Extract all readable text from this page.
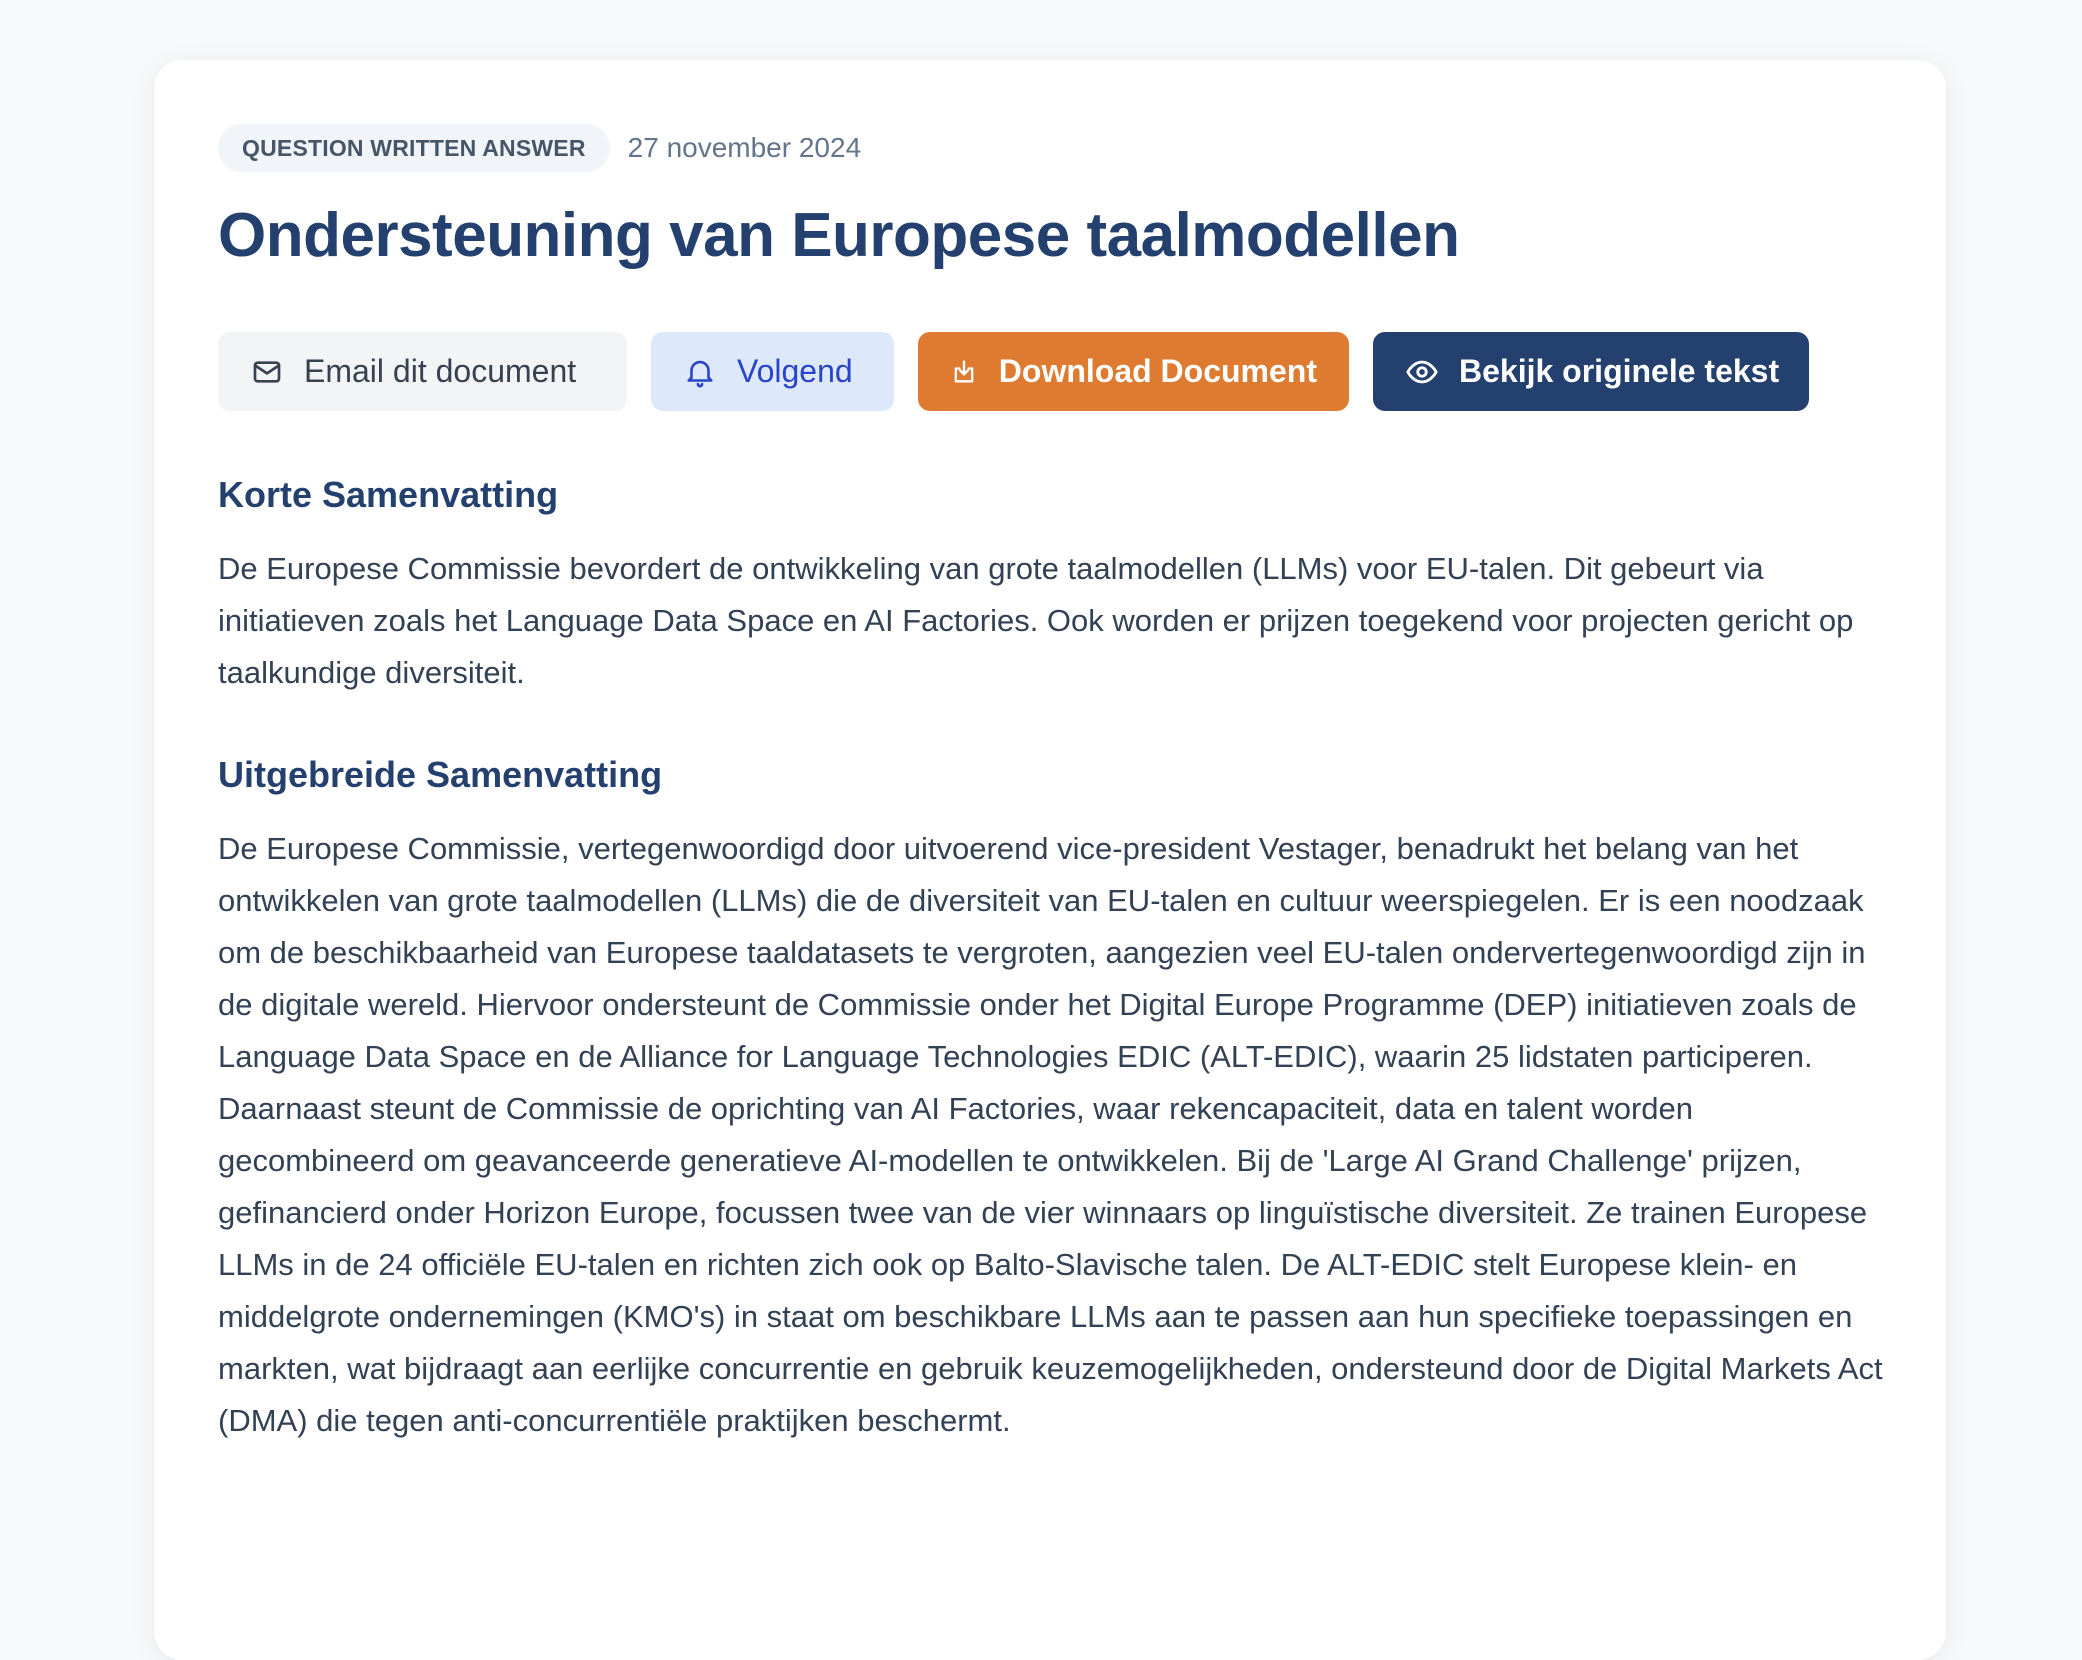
QUESTION WRITTEN ANSWER	27 november 2024
Ondersteuning van Europese taalmodellen
Email dit document	Volgend	Download Document	Bekijk originele tekst
Korte Samenvatting

De Europese Commissie bevordert de ontwikkeling van grote taalmodellen (LLMs) voor EU-talen. Dit gebeurt via initiatieven zoals het Language Data Space en AI Factories. Ook worden er prijzen toegekend voor projecten gericht op taalkundige diversiteit.

Uitgebreide Samenvatting

De Europese Commissie, vertegenwoordigd door uitvoerend vice-president Vestager, benadrukt het belang van het ontwikkelen van grote taalmodellen (LLMs) die de diversiteit van EU-talen en cultuur weerspiegelen. Er is een noodzaak om de beschikbaarheid van Europese taaldatasets te vergroten, aangezien veel EU-talen ondervertegenwoordigd zijn in de digitale wereld. Hiervoor ondersteunt de Commissie onder het Digital Europe Programme (DEP) initiatieven zoals de Language Data Space en de Alliance for Language Technologies EDIC (ALT-EDIC), waarin 25 lidstaten participeren. Daarnaast steunt de Commissie de oprichting van AI Factories, waar rekencapaciteit, data en talent worden gecombineerd om geavanceerde generatieve AI-modellen te ontwikkelen. Bij de 'Large AI Grand Challenge' prijzen, gefinancierd onder Horizon Europe, focussen twee van de vier winnaars op linguïstische diversiteit. Ze trainen Europese LLMs in de 24 officiële EU-talen en richten zich ook op Balto-Slavische talen. De ALT-EDIC stelt Europese klein- en middelgrote ondernemingen (KMO's) in staat om beschikbare LLMs aan te passen aan hun specifieke toepassingen en markten, wat bijdraagt aan eerlijke concurrentie en gebruik keuzemogelijkheden, ondersteund door de Digital Markets Act (DMA) die tegen anti-concurrentiële praktijken beschermt.
